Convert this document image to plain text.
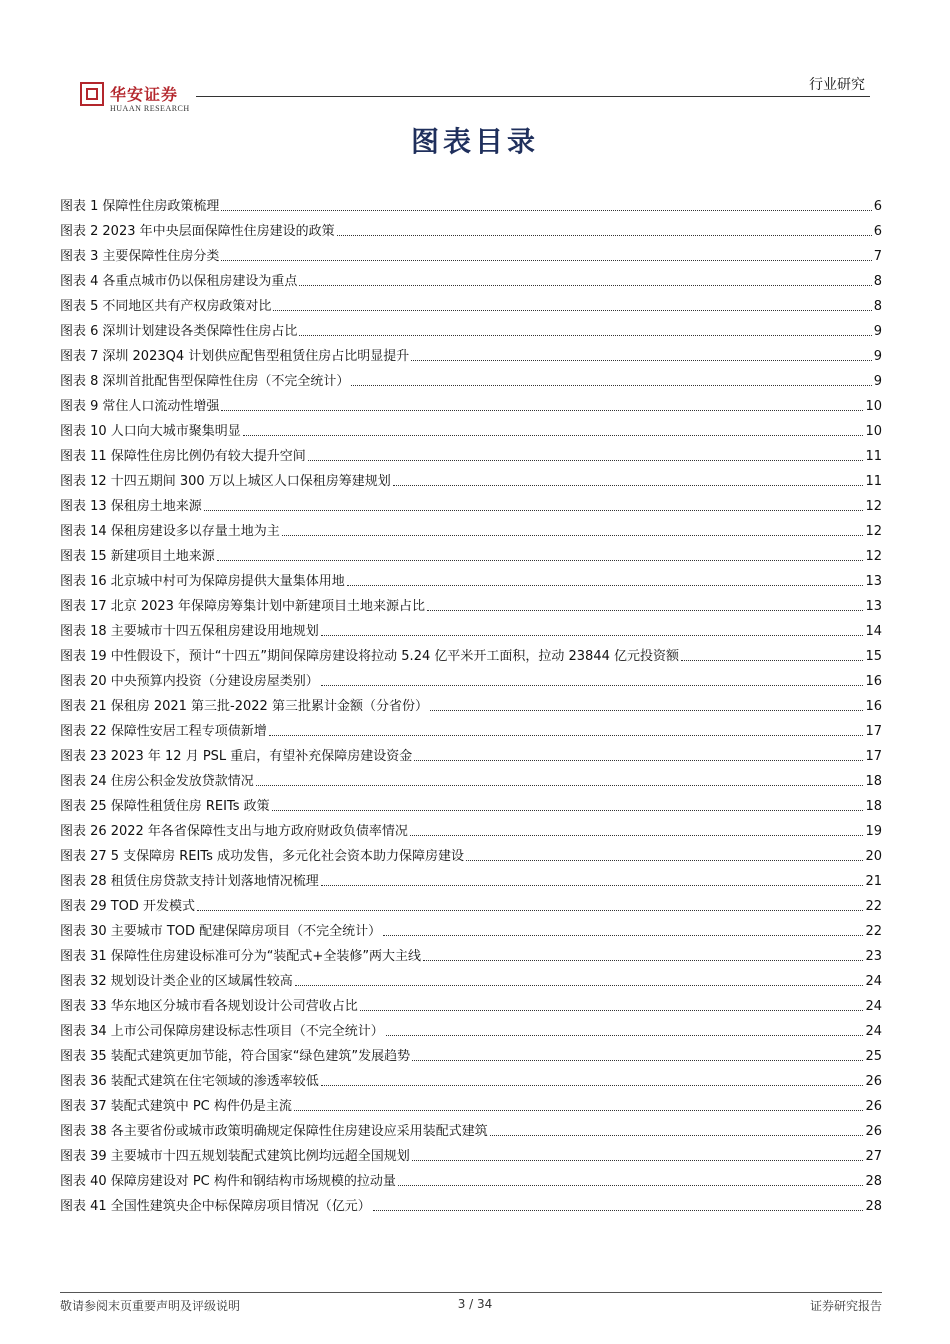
华安证券
HUAAN RESEARCH
行业研究
图表目录
图表 1 保障性住房政策梳理	6
图表 2 2023 年中央层面保障性住房建设的政策	6
图表 3 主要保障性住房分类	7
图表 4 各重点城市仍以保租房建设为重点	8
图表 5 不同地区共有产权房政策对比	8
图表 6 深圳计划建设各类保障性住房占比	9
图表 7 深圳 2023Q4 计划供应配售型租赁住房占比明显提升	9
图表 8 深圳首批配售型保障性住房（不完全统计）	9
图表 9 常住人口流动性增强	10
图表 10 人口向大城市聚集明显	10
图表 11 保障性住房比例仍有较大提升空间	11
图表 12 十四五期间 300 万以上城区人口保租房筹建规划	11
图表 13 保租房土地来源	12
图表 14 保租房建设多以存量土地为主	12
图表 15 新建项目土地来源	12
图表 16 北京城中村可为保障房提供大量集体用地	13
图表 17 北京 2023 年保障房筹集计划中新建项目土地来源占比	13
图表 18 主要城市十四五保租房建设用地规划	14
图表 19 中性假设下，预计“十四五”期间保障房建设将拉动 5.24 亿平米开工面积，拉动 23844 亿元投资额	15
图表 20 中央预算内投资（分建设房屋类别）	16
图表 21 保租房 2021 第三批-2022 第三批累计金额（分省份）	16
图表 22 保障性安居工程专项债新增	17
图表 23 2023 年 12 月 PSL 重启，有望补充保障房建设资金	17
图表 24 住房公积金发放贷款情况	18
图表 25 保障性租赁住房 REITs 政策	18
图表 26 2022 年各省保障性支出与地方政府财政负债率情况	19
图表 27 5 支保障房 REITs 成功发售，多元化社会资本助力保障房建设	20
图表 28 租赁住房贷款支持计划落地情况梳理	21
图表 29 TOD 开发模式	22
图表 30 主要城市 TOD 配建保障房项目（不完全统计）	22
图表 31 保障性住房建设标准可分为“装配式+全装修”两大主线	23
图表 32 规划设计类企业的区域属性较高	24
图表 33 华东地区分城市看各规划设计公司营收占比	24
图表 34 上市公司保障房建设标志性项目（不完全统计）	24
图表 35 装配式建筑更加节能，符合国家“绿色建筑”发展趋势	25
图表 36 装配式建筑在住宅领域的渗透率较低	26
图表 37 装配式建筑中 PC 构件仍是主流	26
图表 38 各主要省份或城市政策明确规定保障性住房建设应采用装配式建筑	26
图表 39 主要城市十四五规划装配式建筑比例均远超全国规划	27
图表 40 保障房建设对 PC 构件和钢结构市场规模的拉动量	28
图表 41 全国性建筑央企中标保障房项目情况（亿元）	28
敬请参阅末页重要声明及评级说明	3 / 34	证券研究报告
